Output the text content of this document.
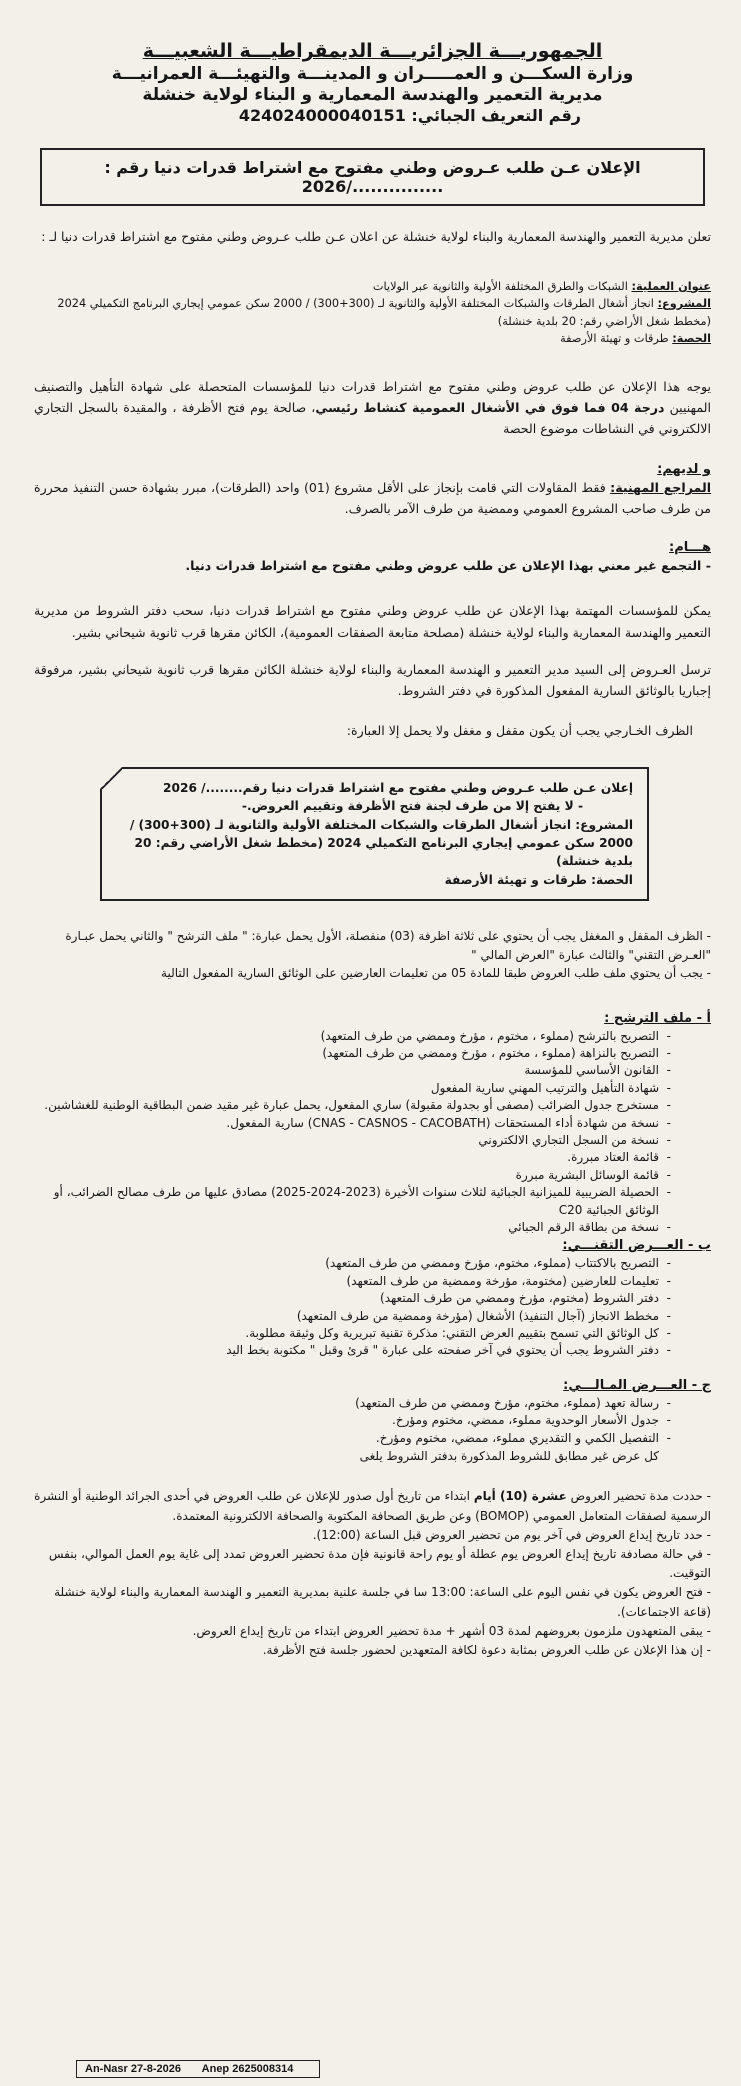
الجمهوريـــة الجزائريـــة الديمقراطيـــة الشعبيـــة
وزارة السكـــن و العمـــــران و المدينـــة والتهيئـــة العمرانيـــة
مديرية التعمير والهندسة المعمارية و البناء لولاية خنشلة
رقم التعريف الجبائي: 424024000040151
الإعلان عـن طلب عـروض وطني مفتوح مع اشتراط قدرات دنيا رقم : .............../2026

تعلن مديرية التعمير والهندسة المعمارية والبناء لولاية خنشلة عن اعلان عـن طلب عـروض وطني مفتوح مع اشتراط قدرات دنيا لـ :

عنوان العملية: الشبكات والطرق المختلفة الأولية والثانوية عبر الولايات

المشروع: انجاز أشغال الطرقات والشبكات المختلفة الأولية والثانوية لـ (300+300) / 2000 سكن عمومي إيجاري البرنامج التكميلي 2024 (مخطط شغل الأراضي رقم: 20 بلدية خنشلة)

الحصة: طرقات و تهيئة الأرصفة

يوجه هذا الإعلان عن طلب عروض وطني مفتوح مع اشتراط قدرات دنيا للمؤسسات المتحصلة على شهادة التأهيل والتصنيف المهنيين درجة 04 فما فوق في الأشغال العمومية كنشاط رئيسي، صالحة يوم فتح الأظرفة ، والمقيدة بالسجل التجاري الالكتروني في النشاطات موضوع الحصة

و لديهم:

المراجع المهنية: فقط المقاولات التي قامت بإنجاز على الأقل مشروع (01) واحد (الطرقات)، مبرر بشهادة حسن التنفيذ محررة من طرف صاحب المشروع العمومي وممضية من طرف الآمر بالصرف.

هـــام:

- التجمع غير معني بهذا الإعلان عن طلب عروض وطني مفتوح مع اشتراط قدرات دنيا.

يمكن للمؤسسات المهتمة بهذا الإعلان عن طلب عروض وطني مفتوح مع اشتراط قدرات دنيا، سحب دفتر الشروط من مديرية التعمير والهندسة المعمارية والبناء لولاية خنشلة (مصلحة متابعة الصفقات العمومية)، الكائن مقرها قرب ثانوية شيحاني بشير.

ترسل العـروض إلى السيد مدير التعمير و الهندسة المعمارية والبناء لولاية خنشلة الكائن مقرها قرب ثانوية شيحاني بشير، مرفوقة إجباريا بالوثائق السارية المفعول المذكورة في دفتر الشروط.

الظرف الخـارجي يجب أن يكون مقفل و مغفل ولا يحمل إلا العبارة:

إعلان عـن طلب عـروض وطني مفتوح مع اشتراط قدرات دنيا رقم......../ 2026
- لا يفتح إلا من طرف لجنة فتح الأظرفة وتقييم العروض.-
المشروع: انجاز أشغال الطرقات والشبكات المختلفة الأولية والثانوية لـ (300+300) / 2000 سكن عمومي إيجاري البرنامج التكميلي 2024 (مخطط شغل الأراضي رقم: 20 بلدية خنشلة)
الحصة: طرقات و تهيئة الأرصفة

- الظرف المقفل و المغفل يجب أن يحتوي على ثلاثة اظرفة (03) منفصلة، الأول يحمل عبارة: " ملف الترشح " والثاني يحمل عبـارة "العـرض التقني" والثالث عبارة "العرض المالي "

- يجب أن يحتوي ملف طلب العروض طبقا للمادة 05 من تعليمات العارضين على الوثائق السارية المفعول التالية

أ - ملف الترشح :
- التصريح بالترشح (مملوء ، مختوم ، مؤرخ وممضي من طرف المتعهد)
- التصريح بالنزاهة (مملوء ، مختوم ، مؤرخ وممضي من طرف المتعهد)
- القانون الأساسي للمؤسسة
- شهادة التأهيل والترتيب المهني سارية المفعول
- مستخرج جدول الضرائب (مصفى أو بجدولة مقبولة) ساري المفعول، يحمل عبارة غير مقيد ضمن البطاقية الوطنية للغشاشين.
- نسخة من شهادة أداء المستحقات (CNAS - CASNOS - CACOBATH) سارية المفعول.
- نسخة من السجل التجاري الالكتروني
- قائمة العتاد مبررة.
- قائمة الوسائل البشرية مبررة
- الحصيلة الضريبية للميزانية الجبائية لثلاث سنوات الأخيرة (2023-2024-2025) مصادق عليها من طرف مصالح الضرائب، أو الوثائق الجبائية C20
- نسخة من بطاقة الرقم الجبائي
ب - العـــرض التقنـــي:
- التصريح بالاكتتاب (مملوء، مختوم، مؤرخ وممضي من طرف المتعهد)
- تعليمات للعارضين (مختومة، مؤرخة وممضية من طرف المتعهد)
- دفتر الشروط (مختوم، مؤرخ وممضي من طرف المتعهد)
- مخطط الانجاز (آجال التنفيذ) الأشغال (مؤرخة وممضية من طرف المتعهد)
- كل الوثائق التي تسمح بتقييم العرض التقني: مذكرة تقنية تبريرية وكل وثيقة مطلوبة.
- دفتر الشروط يجب أن يحتوي في آخر صفحته على عبارة " قرئ وقبل " مكتوبة بخط اليد
ج - العـــرض المـالـــي:
- رسالة تعهد (مملوء، مختوم، مؤرخ وممضي من طرف المتعهد)
- جدول الأسعار الوحدوية مملوء، ممضي، مختوم ومؤرخ.
- التفصيل الكمي و التقديري مملوء، ممضي، مختوم ومؤرخ.

كل عرض غير مطابق للشروط المذكورة بدفتر الشروط يلغى

- حددت مدة تحضير العروض عشرة (10) أيام ابتداء من تاريخ أول صدور للإعلان عن طلب العروض في أحدى الجرائد الوطنية أو النشرة الرسمية لصفقات المتعامل العمومي (BOMOP) وعن طريق الصحافة المكتوبة والصحافة الالكترونية المعتمدة.

- حدد تاريخ إيداع العروض في آخر يوم من تحضير العروض قبل الساعة (12:00).

- في حالة مصادفة تاريخ إيداع العروض يوم عطلة أو يوم راحة قانونية فإن مدة تحضير العروض تمدد إلى غاية يوم العمل الموالي، بنفس التوقيت.

- فتح العروض يكون في نفس اليوم على الساعة: 13:00 سا في جلسة علنية بمديرية التعمير و الهندسة المعمارية والبناء لولاية خنشلة (قاعة الاجتماعات).

- يبقى المتعهدون ملزمون بعروضهم لمدة 03 أشهر + مدة تحضير العروض ابتداء من تاريخ إيداع العروض.

- إن هذا الإعلان عن طلب العروض بمثابة دعوة لكافة المتعهدين لحضور جلسة فتح الأظرفة.

An-Nasr 27-8-2026 Anep 2625008314
